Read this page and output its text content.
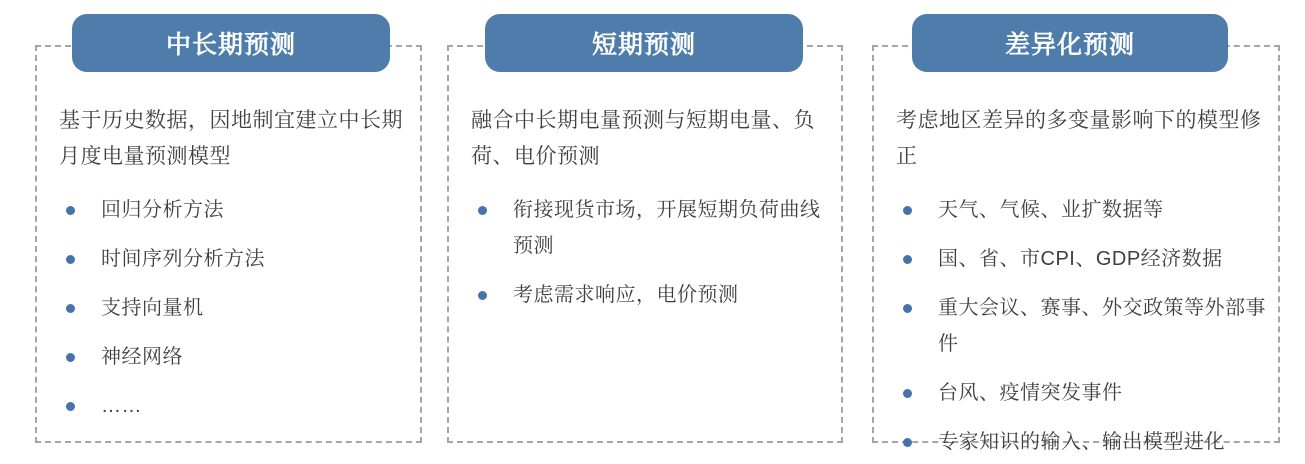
中长期预测	短期预测	差异化预测

基于历史数据，因地制宜建立中长期月度电量预测模型

回归分析方法
时间序列分析方法
支持向量机
神经网络
……

融合中长期电量预测与短期电量、负荷、电价预测

衔接现货市场，开展短期负荷曲线预测
考虑需求响应，电价预测

考虑地区差异的多变量影响下的模型修正

天气、气候、业扩数据等
国、省、市CPI、GDP经济数据
重大会议、赛事、外交政策等外部事件
台风、疫情突发事件
专家知识的输入、输出模型进化
